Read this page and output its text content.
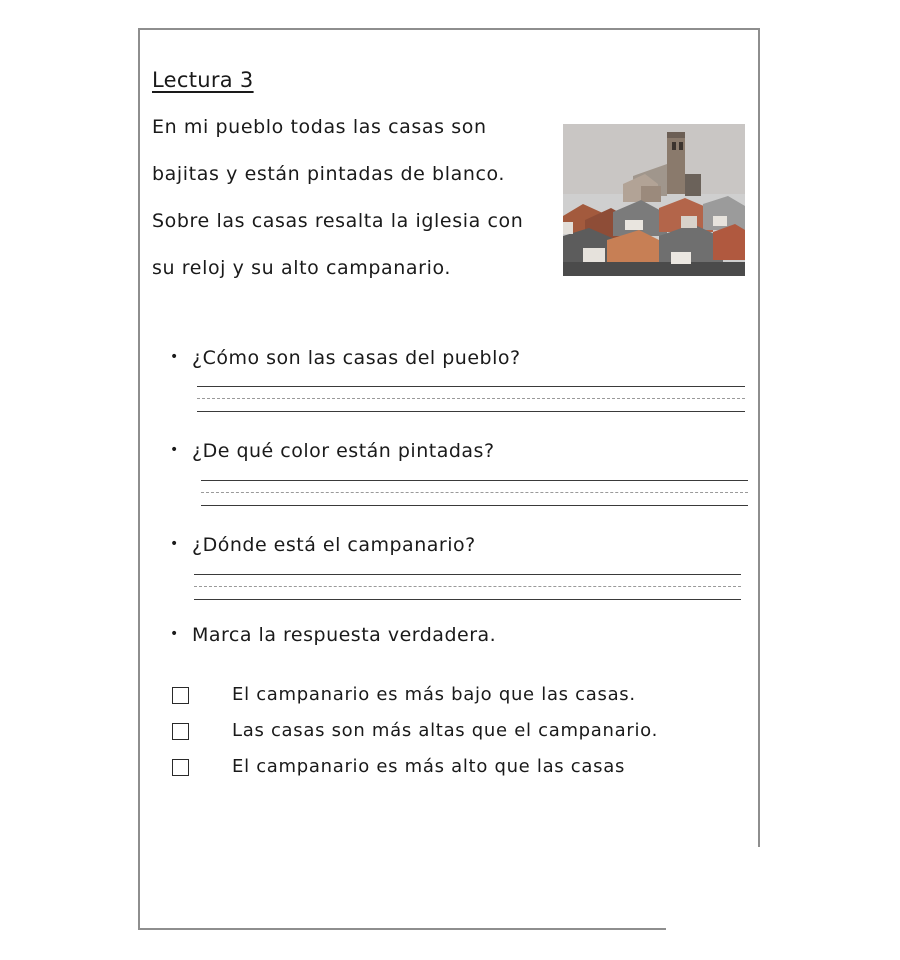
Lectura 3
En mi pueblo todas las casas son
bajitas y están pintadas de blanco.
Sobre las casas resalta la iglesia con
su reloj y su alto campanario.
• ¿Cómo son las casas del pueblo?
• ¿De qué color están pintadas?
• ¿Dónde está el campanario?
• Marca la respuesta verdadera.
El campanario es más bajo que las casas.
Las casas son más altas que el campanario.
El campanario es más alto que las casas
